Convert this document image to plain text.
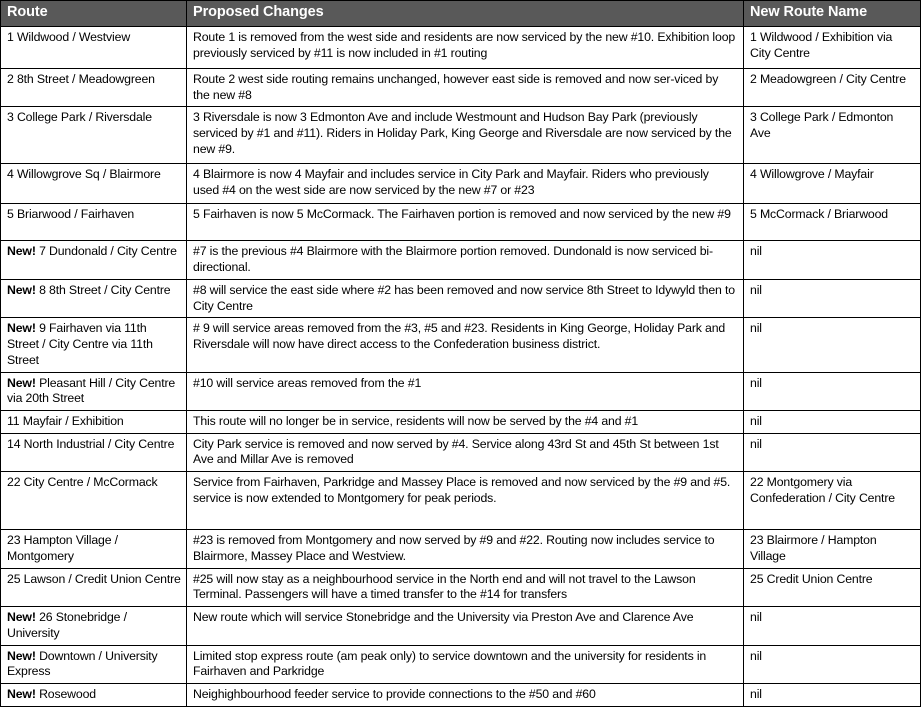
Route	Proposed Changes	New Route Name
1 Wildwood / Westview	Route 1 is removed from the west side and residents are now serviced by the new #10. Exhibition loop previously serviced by #11 is now included in #1 routing	1 Wildwood / Exhibition via City Centre
2 8th Street / Meadowgreen	Route 2 west side routing remains unchanged, however east side is removed and now ser-viced by the new #8	2 Meadowgreen / City Centre
3 College Park / Riversdale	3 Riversdale is now 3 Edmonton Ave and include Westmount and Hudson Bay Park (previously serviced by #1 and #11). Riders in Holiday Park, King George and Riversdale are now serviced by the new #9.	3 College Park / Edmonton Ave
4 Willowgrove Sq / Blairmore	4 Blairmore is now 4 Mayfair and includes service in City Park and Mayfair. Riders who previously used #4 on the west side are now serviced by the new #7 or #23	4 Willowgrove / Mayfair
5 Briarwood / Fairhaven	5 Fairhaven is now 5 McCormack. The Fairhaven portion is removed and now serviced by the new #9	5 McCormack / Briarwood
New! 7 Dundonald / City Centre	#7 is the previous #4 Blairmore with the Blairmore portion removed. Dundonald is now serviced bi-directional.	nil
New! 8 8th Street / City Centre	#8 will service the east side where #2 has been removed and now service 8th Street to Idywyld then to City Centre	nil
New! 9 Fairhaven via 11th Street / City Centre via 11th Street	# 9 will service areas removed from the #3, #5 and #23. Residents in King George, Holiday Park and Riversdale will now have direct access to the Confederation business district.	nil
New! Pleasant Hill / City Centre via 20th Street	#10 will service areas removed from the #1	nil
11 Mayfair / Exhibition	This route will no longer be in service, residents will now be served by the #4 and #1	nil
14 North Industrial / City Centre	City Park service is removed and now served by #4. Service along 43rd St and 45th St between 1st Ave and Millar Ave is removed	nil
22 City Centre / McCormack	Service from Fairhaven, Parkridge and Massey Place is removed and now serviced by the #9 and #5. service is now extended to Montgomery for peak periods.	22 Montgomery via Confederation / City Centre
23 Hampton Village / Montgomery	#23 is removed from Montgomery and now served by #9 and #22. Routing now includes service to Blairmore, Massey Place and Westview.	23 Blairmore / Hampton Village
25 Lawson / Credit Union Centre	#25 will now stay as a neighbourhood service in the North end and will not travel to the Lawson Terminal. Passengers will have a timed transfer to the #14 for transfers	25 Credit Union Centre
New! 26 Stonebridge / University	New route which will service Stonebridge and the University via Preston Ave and Clarence Ave	nil
New! Downtown / University Express	Limited stop express route (am peak only) to service downtown and the university for residents in Fairhaven and Parkridge	nil
New! Rosewood	Neighighbourhood feeder service to provide connections to the #50 and #60	nil
